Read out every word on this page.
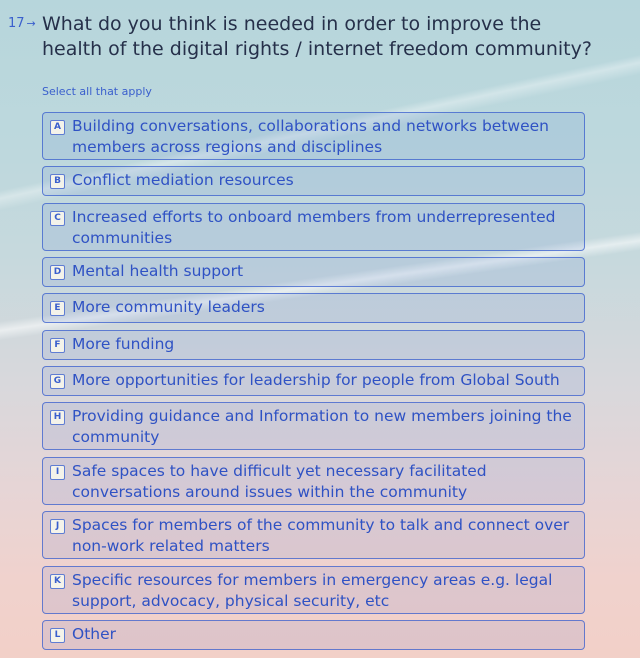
17 → What do you think is needed in order to improve the health of the digital rights / internet freedom community?
Select all that apply
A Building conversations, collaborations and networks between members across regions and disciplines
B Conflict mediation resources
C Increased efforts to onboard members from underrepresented communities
D Mental health support
E More community leaders
F More funding
G More opportunities for leadership for people from Global South
H Providing guidance and Information to new members joining the community
I Safe spaces to have difficult yet necessary facilitated conversations around issues within the community
J Spaces for members of the community to talk and connect over non-work related matters
K Specific resources for members in emergency areas e.g. legal support, advocacy, physical security, etc
L Other
